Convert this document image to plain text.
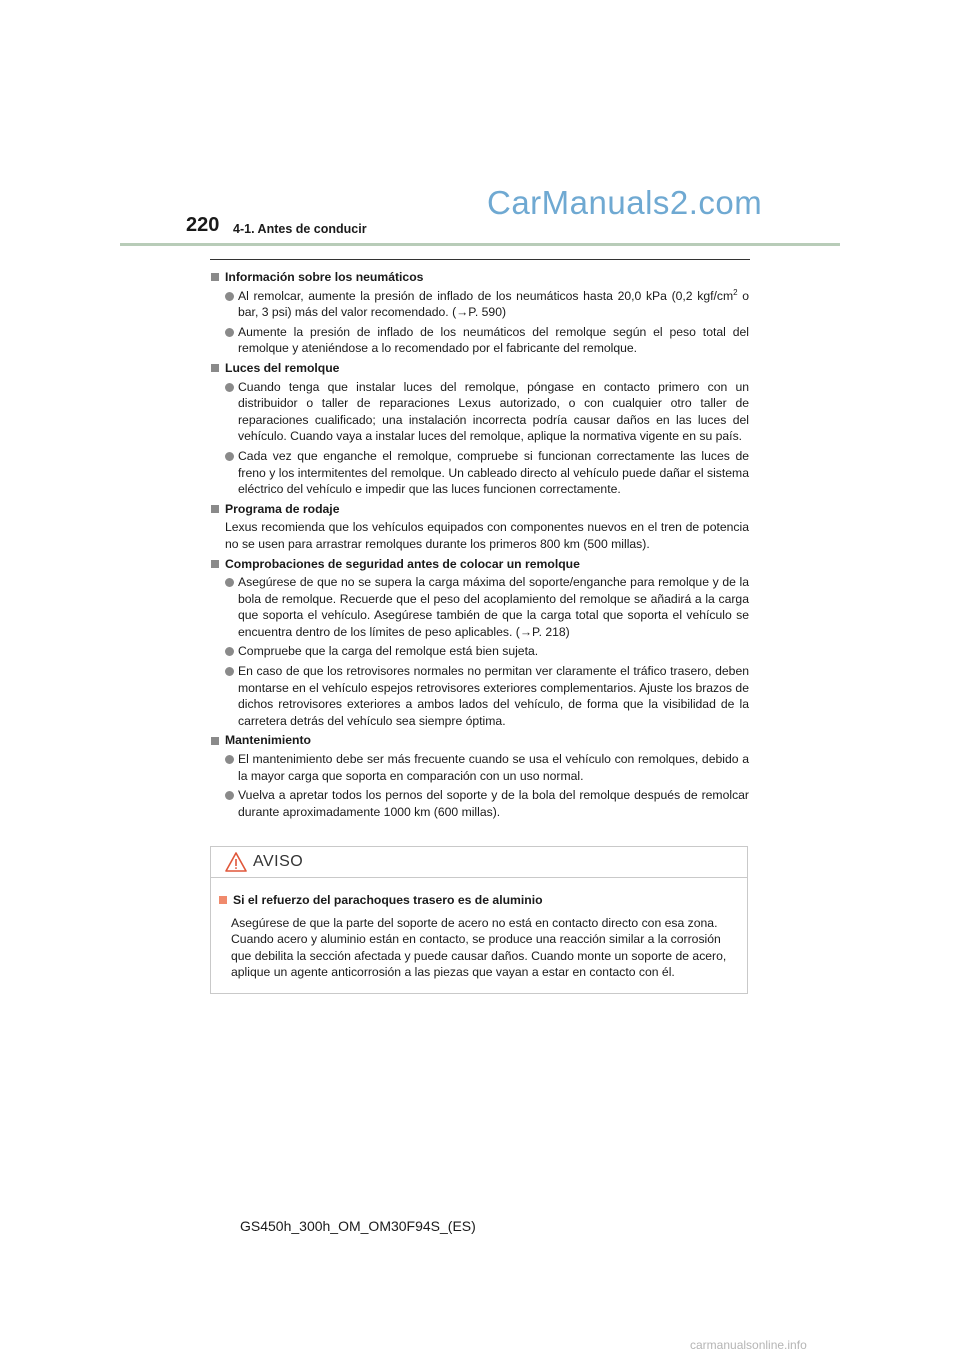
220 4-1. Antes de conducir
CarManuals2.com
Información sobre los neumáticos
Al remolcar, aumente la presión de inflado de los neumáticos hasta 20,0 kPa (0,2 kgf/$cm^2$ o bar, 3 psi) más del valor recomendado. (→P. 590)
Aumente la presión de inflado de los neumáticos del remolque según el peso total del remolque y ateniéndose a lo recomendado por el fabricante del remolque.
Luces del remolque
Cuando tenga que instalar luces del remolque, póngase en contacto primero con un distribuidor o taller de reparaciones Lexus autorizado, o con cualquier otro taller de reparaciones cualificado; una instalación incorrecta podría causar daños en las luces del vehículo. Cuando vaya a instalar luces del remolque, aplique la normativa vigente en su país.
Cada vez que enganche el remolque, compruebe si funcionan correctamente las luces de freno y los intermitentes del remolque. Un cableado directo al vehículo puede dañar el sistema eléctrico del vehículo e impedir que las luces funcionen correctamente.
Programa de rodaje
Lexus recomienda que los vehículos equipados con componentes nuevos en el tren de potencia no se usen para arrastrar remolques durante los primeros 800 km (500 millas).
Comprobaciones de seguridad antes de colocar un remolque
Asegúrese de que no se supera la carga máxima del soporte/enganche para remolque y de la bola de remolque. Recuerde que el peso del acoplamiento del remolque se añadirá a la carga que soporta el vehículo. Asegúrese también de que la carga total que soporta el vehículo se encuentra dentro de los límites de peso aplicables. (→P. 218)
Compruebe que la carga del remolque está bien sujeta.
En caso de que los retrovisores normales no permitan ver claramente el tráfico trasero, deben montarse en el vehículo espejos retrovisores exteriores complementarios. Ajuste los brazos de dichos retrovisores exteriores a ambos lados del vehículo, de forma que la visibilidad de la carretera detrás del vehículo sea siempre óptima.
Mantenimiento
El mantenimiento debe ser más frecuente cuando se usa el vehículo con remolques, debido a la mayor carga que soporta en comparación con un uso normal.
Vuelva a apretar todos los pernos del soporte y de la bola del remolque después de remolcar durante aproximadamente 1000 km (600 millas).
AVISO
Si el refuerzo del parachoques trasero es de aluminio
Asegúrese de que la parte del soporte de acero no está en contacto directo con esa zona. Cuando acero y aluminio están en contacto, se produce una reacción similar a la corrosión que debilita la sección afectada y puede causar daños. Cuando monte un soporte de acero, aplique un agente anticorrosión a las piezas que vayan a estar en contacto con él.
GS450h_300h_OM_OM30F94S_(ES)
carmanualsonline.info
